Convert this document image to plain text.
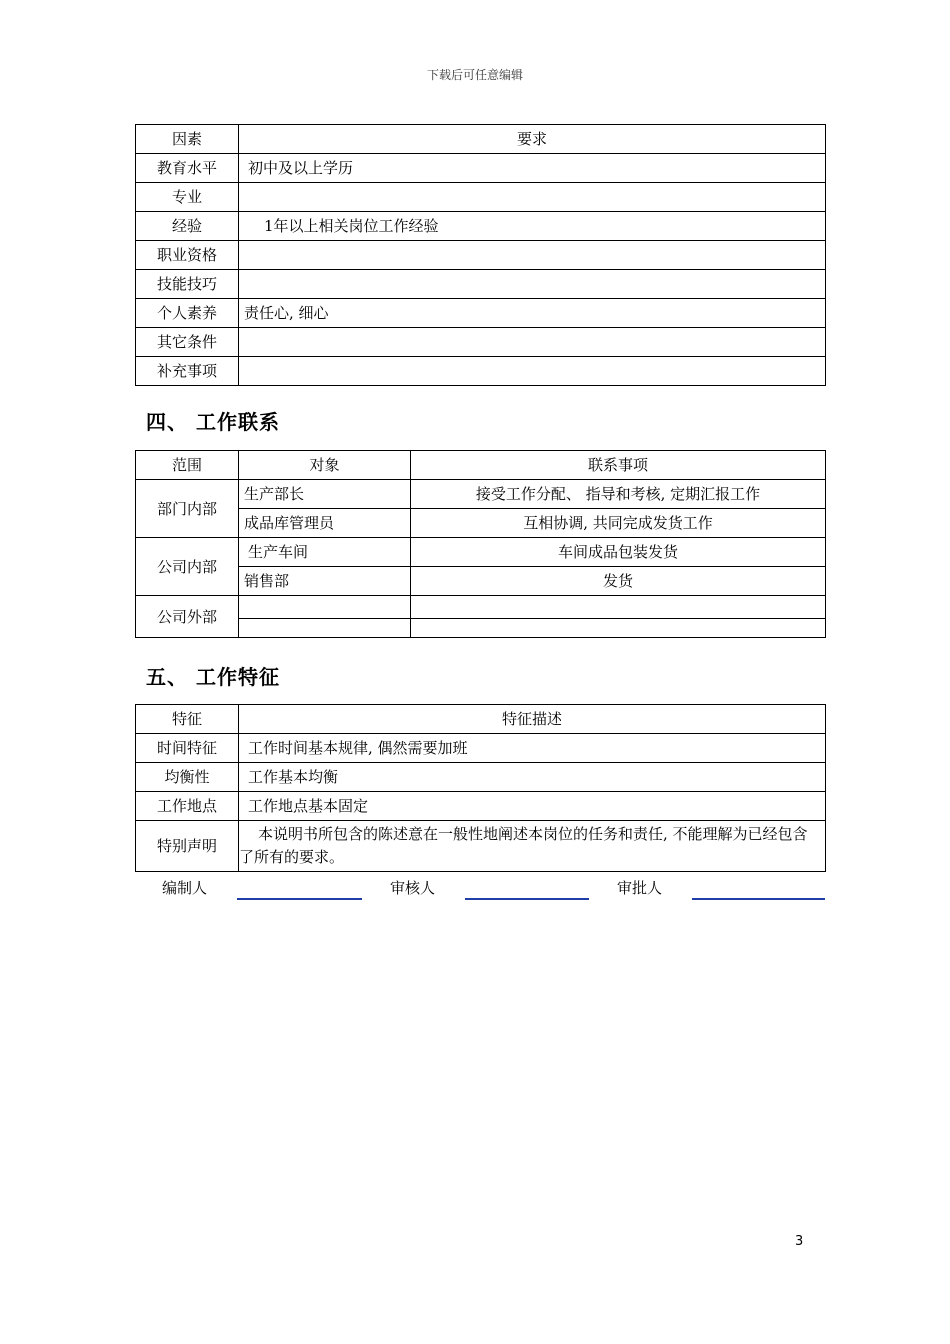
下载后可任意编辑
因素	要求
教育水平	初中及以上学历
专业	
经验	1年以上相关岗位工作经验
职业资格	
技能技巧	
个人素养	责任心, 细心
其它条件	
补充事项	
四、 工作联系
范围	对象	联系事项
部门内部	生产部长	接受工作分配、 指导和考核, 定期汇报工作
	成品库管理员	互相协调, 共同完成发货工作
公司内部	生产车间	车间成品包装发货
	销售部	发货
公司外部		

五、 工作特征
特征	特征描述
时间特征	工作时间基本规律, 偶然需要加班
均衡性	工作基本均衡
工作地点	工作地点基本固定
特别声明	本说明书所包含的陈述意在一般性地阐述本岗位的任务和责任, 不能理解为已经包含了所有的要求。
编制人	审核人	审批人
3
